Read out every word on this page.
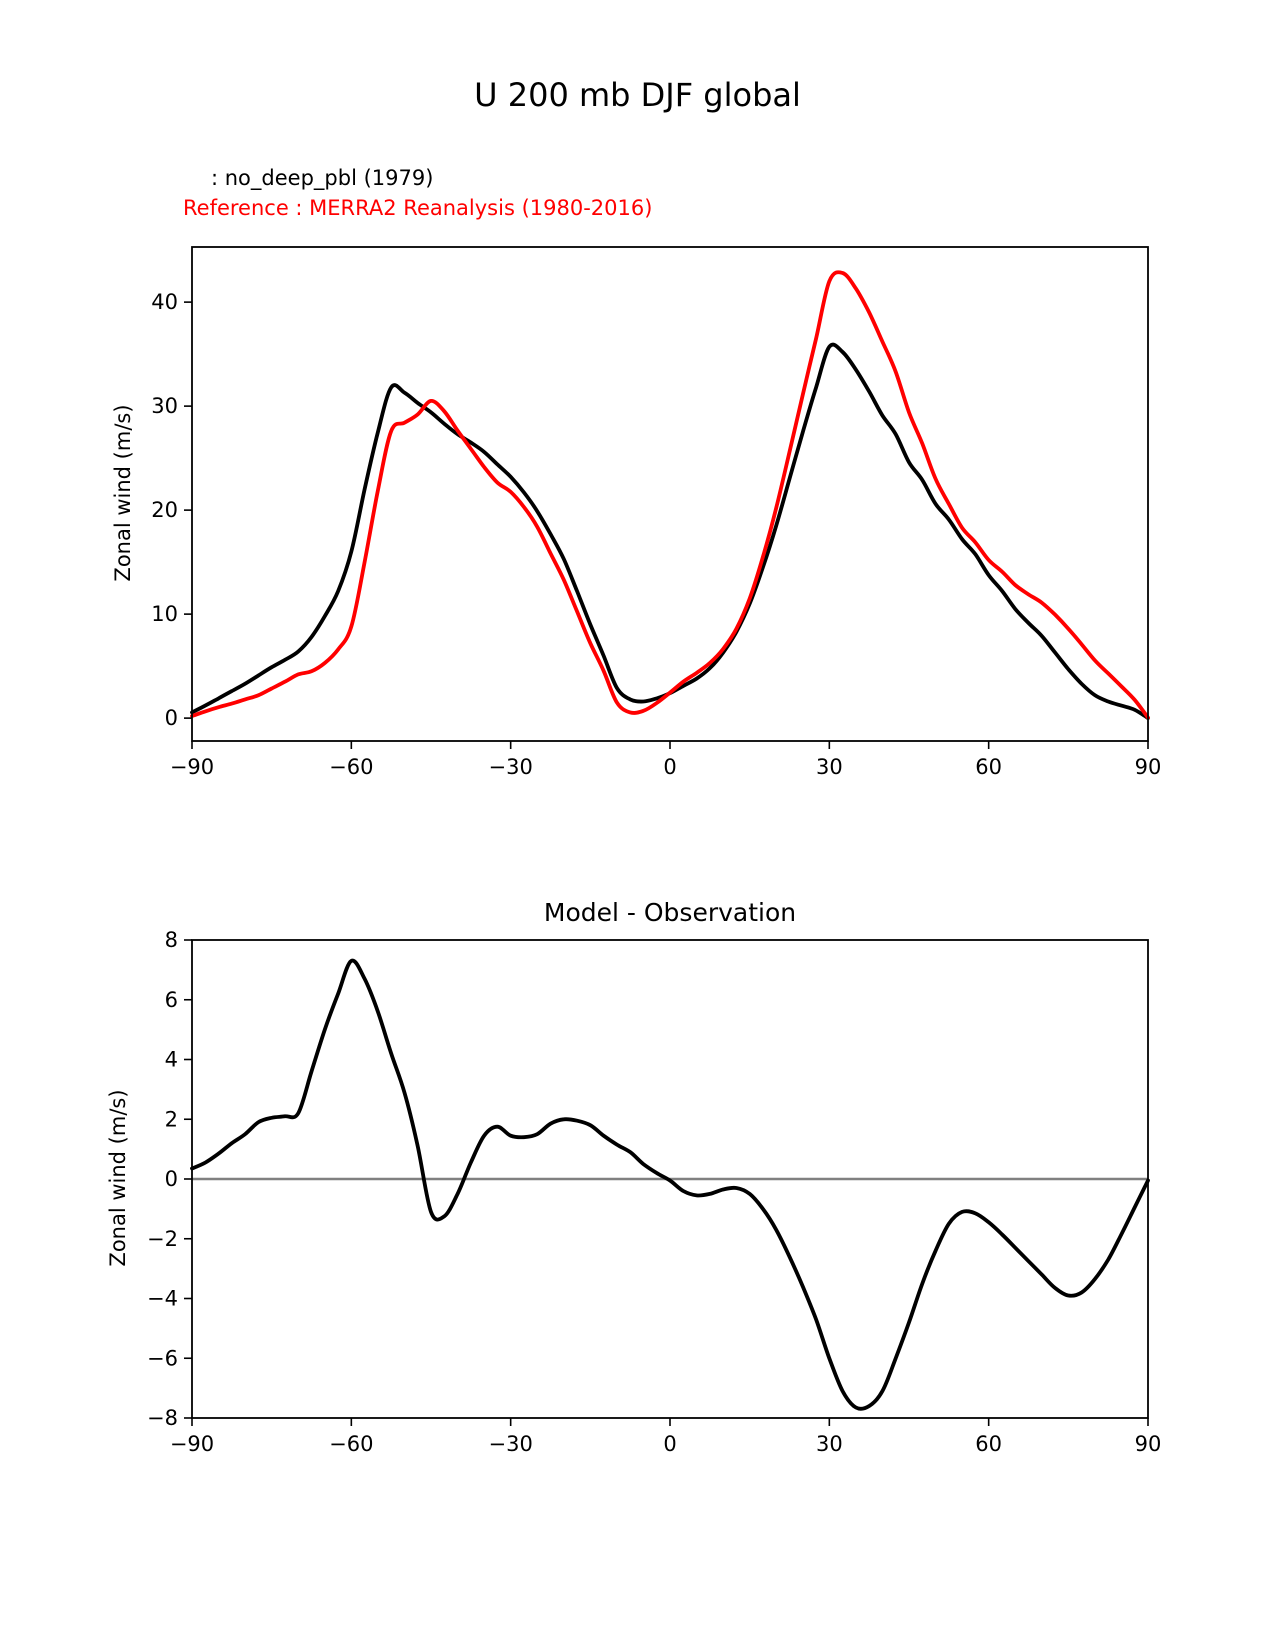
U 200 mb DJF global
: no_deep_pbl (1979)
Reference : MERRA2 Reanalysis (1980-2016)
−90	−60	−30	0	30	60	90
0
10
20
30
40
−90	−60	−30	0	30	60	90
−8
−6
−4
−2
0
2
4
6
8
Zonal wind (m/s)
Model - Observation
Zonal wind (m/s)
